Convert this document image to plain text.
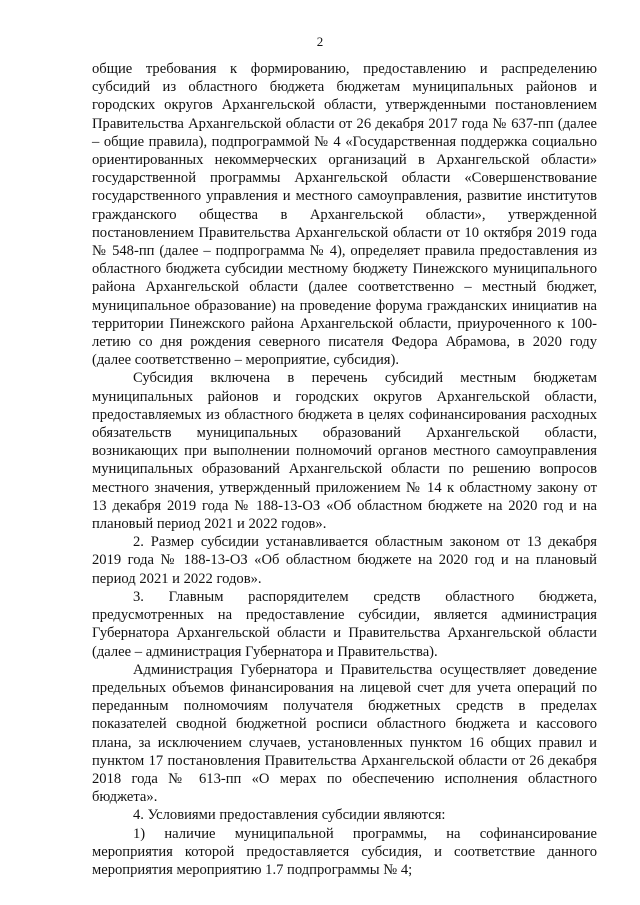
2

общие требования к формированию, предоставлению и распределению субсидий из областного бюджета бюджетам муниципальных районов и городских округов Архангельской области, утвержденными постановлением Правительства Архангельской области от 26 декабря 2017 года № 637-пп (далее – общие правила), подпрограммой № 4 «Государственная поддержка социально ориентированных некоммерческих организаций в Архангельской области» государственной программы Архангельской области «Совершенствование государственного управления и местного самоуправления, развитие институтов гражданского общества в Архангельской области», утвержденной постановлением Правительства Архангельской области от 10 октября 2019 года № 548-пп (далее – подпрограмма № 4), определяет правила предоставления из областного бюджета субсидии местному бюджету Пинежского муниципального района Архангельской области (далее соответственно – местный бюджет, муниципальное образование) на проведение форума гражданских инициатив на территории Пинежского района Архангельской области, приуроченного к 100-летию со дня рождения северного писателя Федора Абрамова, в 2020 году (далее соответственно – мероприятие, субсидия).

Субсидия включена в перечень субсидий местным бюджетам муниципальных районов и городских округов Архангельской области, предоставляемых из областного бюджета в целях софинансирования расходных обязательств муниципальных образований Архангельской области, возникающих при выполнении полномочий органов местного самоуправления муниципальных образований Архангельской области по решению вопросов местного значения, утвержденный приложением № 14 к областному закону от 13 декабря 2019 года № 188-13-ОЗ «Об областном бюджете на 2020 год и на плановый период 2021 и 2022 годов».

2. Размер субсидии устанавливается областным законом от 13 декабря 2019 года № 188-13-ОЗ «Об областном бюджете на 2020 год и на плановый период 2021 и 2022 годов».

3. Главным распорядителем средств областного бюджета, предусмотренных на предоставление субсидии, является администрация Губернатора Архангельской области и Правительства Архангельской области (далее – администрация Губернатора и Правительства).

Администрация Губернатора и Правительства осуществляет доведение предельных объемов финансирования на лицевой счет для учета операций по переданным полномочиям получателя бюджетных средств в пределах показателей сводной бюджетной росписи областного бюджета и кассового плана, за исключением случаев, установленных пунктом 16 общих правил и пунктом 17 постановления Правительства Архангельской области от 26 декабря 2018 года № 613-пп «О мерах по обеспечению исполнения областного бюджета».

4. Условиями предоставления субсидии являются:

1) наличие муниципальной программы, на софинансирование мероприятия которой предоставляется субсидия, и соответствие данного мероприятия мероприятию 1.7 подпрограммы № 4;
